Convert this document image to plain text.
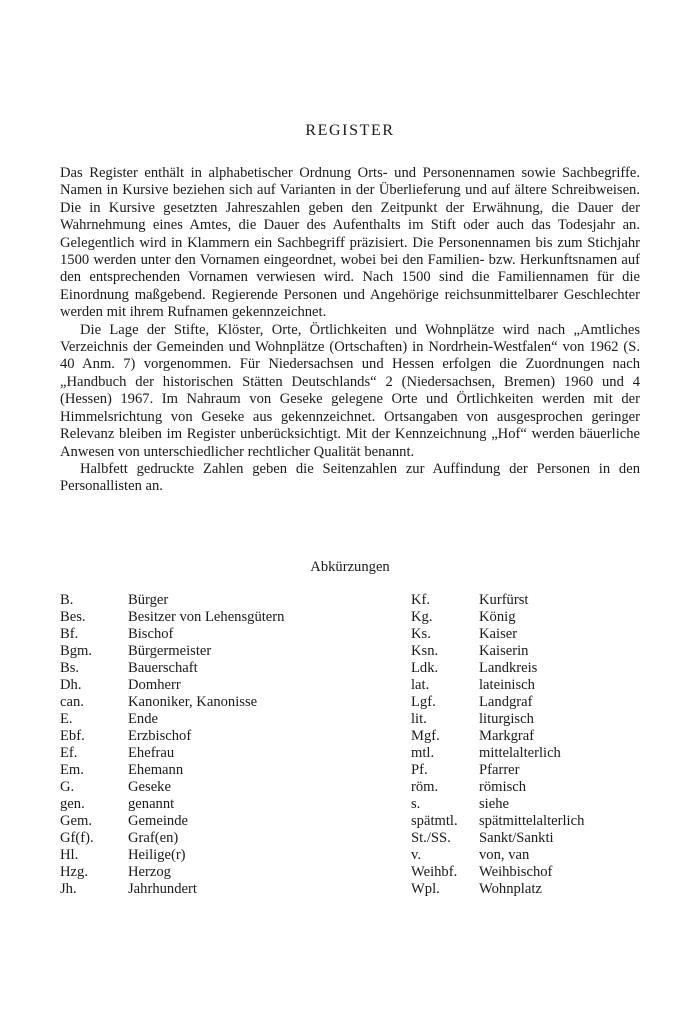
REGISTER

Das Register enthält in alphabetischer Ordnung Orts- und Personennamen sowie Sachbegriffe. Namen in Kursive beziehen sich auf Varianten in der Überlieferung und auf ältere Schreibweisen. Die in Kursive gesetzten Jahreszahlen geben den Zeitpunkt der Erwähnung, die Dauer der Wahrnehmung eines Amtes, die Dauer des Aufenthalts im Stift oder auch das Todesjahr an. Gelegentlich wird in Klammern ein Sachbegriff präzisiert. Die Personennamen bis zum Stichjahr 1500 werden unter den Vornamen eingeordnet, wobei bei den Familien- bzw. Herkunftsnamen auf den entsprechenden Vornamen verwiesen wird. Nach 1500 sind die Familiennamen für die Einordnung maßgebend. Regierende Personen und Angehörige reichsunmittelbarer Geschlechter werden mit ihrem Rufnamen gekennzeichnet.

Die Lage der Stifte, Klöster, Orte, Örtlichkeiten und Wohnplätze wird nach „Amtliches Verzeichnis der Gemeinden und Wohnplätze (Ortschaften) in Nordrhein-Westfalen“ von 1962 (S. 40 Anm. 7) vorgenommen. Für Niedersachsen und Hessen erfolgen die Zuordnungen nach „Handbuch der historischen Stätten Deutschlands“ 2 (Niedersachsen, Bremen) 1960 und 4 (Hessen) 1967. Im Nahraum von Geseke gelegene Orte und Örtlichkeiten werden mit der Himmelsrichtung von Geseke aus gekennzeichnet. Ortsangaben von ausgesprochen geringer Relevanz bleiben im Register unberücksichtigt. Mit der Kennzeichnung „Hof“ werden bäuerliche Anwesen von unterschiedlicher rechtlicher Qualität benannt.

Halbfett gedruckte Zahlen geben die Seitenzahlen zur Auffindung der Personen in den Personallisten an.

Abkürzungen
B.	Bürger
Bes.	Besitzer von Lehensgütern
Bf.	Bischof
Bgm.	Bürgermeister
Bs.	Bauerschaft
Dh.	Domherr
can.	Kanoniker, Kanonisse
E.	Ende
Ebf.	Erzbischof
Ef.	Ehefrau
Em.	Ehemann
G.	Geseke
gen.	genannt
Gem.	Gemeinde
Gf(f).	Graf(en)
Hl.	Heilige(r)
Hzg.	Herzog
Jh.	Jahrhundert
Kf.	Kurfürst
Kg.	König
Ks.	Kaiser
Ksn.	Kaiserin
Ldk.	Landkreis
lat.	lateinisch
Lgf.	Landgraf
lit.	liturgisch
Mgf.	Markgraf
mtl.	mittelalterlich
Pf.	Pfarrer
röm.	römisch
s.	siehe
spätmtl.	spätmittelalterlich
St./SS.	Sankt/Sankti
v.	von, van
Weihbf.	Weihbischof
Wpl.	Wohnplatz
